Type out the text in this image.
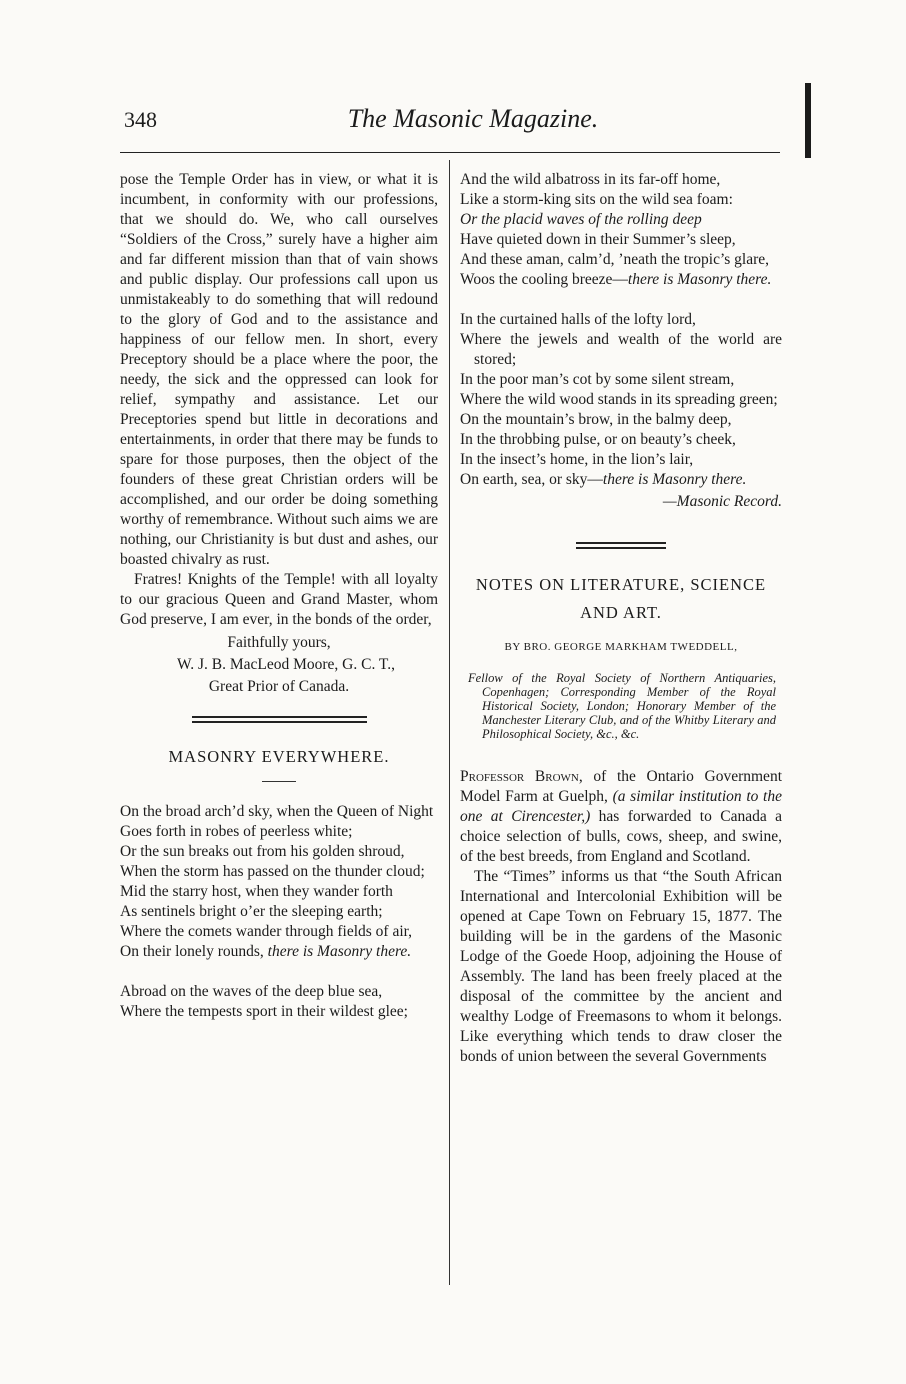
348	The Masonic Magazine.

pose the Temple Order has in view, or what it is incumbent, in conformity with our professions, that we should do. We, who call ourselves “Soldiers of the Cross,” surely have a higher aim and far different mission than that of vain shows and public display. Our professions call upon us unmistakeably to do something that will redound to the glory of God and to the assistance and happiness of our fellow men. In short, every Preceptory should be a place where the poor, the needy, the sick and the oppressed can look for relief, sympathy and assistance. Let our Preceptories spend but little in decorations and entertainments, in order that there may be funds to spare for those purposes, then the object of the founders of these great Christian orders will be accomplished, and our order be doing something worthy of remembrance. Without such aims we are nothing, our Christianity is but dust and ashes, our boasted chivalry as rust.

Fratres! Knights of the Temple! with all loyalty to our gracious Queen and Grand Master, whom God preserve, I am ever, in the bonds of the order,

Faithfully yours,
W. J. B. MacLeod Moore, G. C. T.,
Great Prior of Canada.
MASONRY EVERYWHERE.

On the broad arch’d sky, when the Queen of Night

Goes forth in robes of peerless white;

Or the sun breaks out from his golden shroud,

When the storm has passed on the thunder cloud;

Mid the starry host, when they wander forth

As sentinels bright o’er the sleeping earth;

Where the comets wander through fields of air,

On their lonely rounds, there is Masonry there.

Abroad on the waves of the deep blue sea,

Where the tempests sport in their wildest glee;

And the wild albatross in its far-off home,

Like a storm-king sits on the wild sea foam:

Or the placid waves of the rolling deep

Have quieted down in their Summer’s sleep,

And these aman, calm’d, ’neath the tropic’s glare,

Woos the cooling breeze—there is Masonry there.

In the curtained halls of the lofty lord,

Where the jewels and wealth of the world are stored;

In the poor man’s cot by some silent stream,

Where the wild wood stands in its spreading green;

On the mountain’s brow, in the balmy deep,

In the throbbing pulse, or on beauty’s cheek,

In the insect’s home, in the lion’s lair,

On earth, sea, or sky—there is Masonry there.

—Masonic Record.
NOTES ON LITERATURE, SCIENCE
AND ART.
BY BRO. GEORGE MARKHAM TWEDDELL,

Fellow of the Royal Society of Northern Antiquaries, Copenhagen; Corresponding Member of the Royal Historical Society, London; Honorary Member of the Manchester Literary Club, and of the Whitby Literary and Philosophical Society, &c., &c.

Professor Brown, of the Ontario Government Model Farm at Guelph, (a similar institution to the one at Cirencester,) has forwarded to Canada a choice selection of bulls, cows, sheep, and swine, of the best breeds, from England and Scotland.

The “Times” informs us that “the South African International and Intercolonial Exhibition will be opened at Cape Town on February 15, 1877. The building will be in the gardens of the Masonic Lodge of the Goede Hoop, adjoining the House of Assembly. The land has been freely placed at the disposal of the committee by the ancient and wealthy Lodge of Freemasons to whom it belongs. Like everything which tends to draw closer the bonds of union between the several Governments
